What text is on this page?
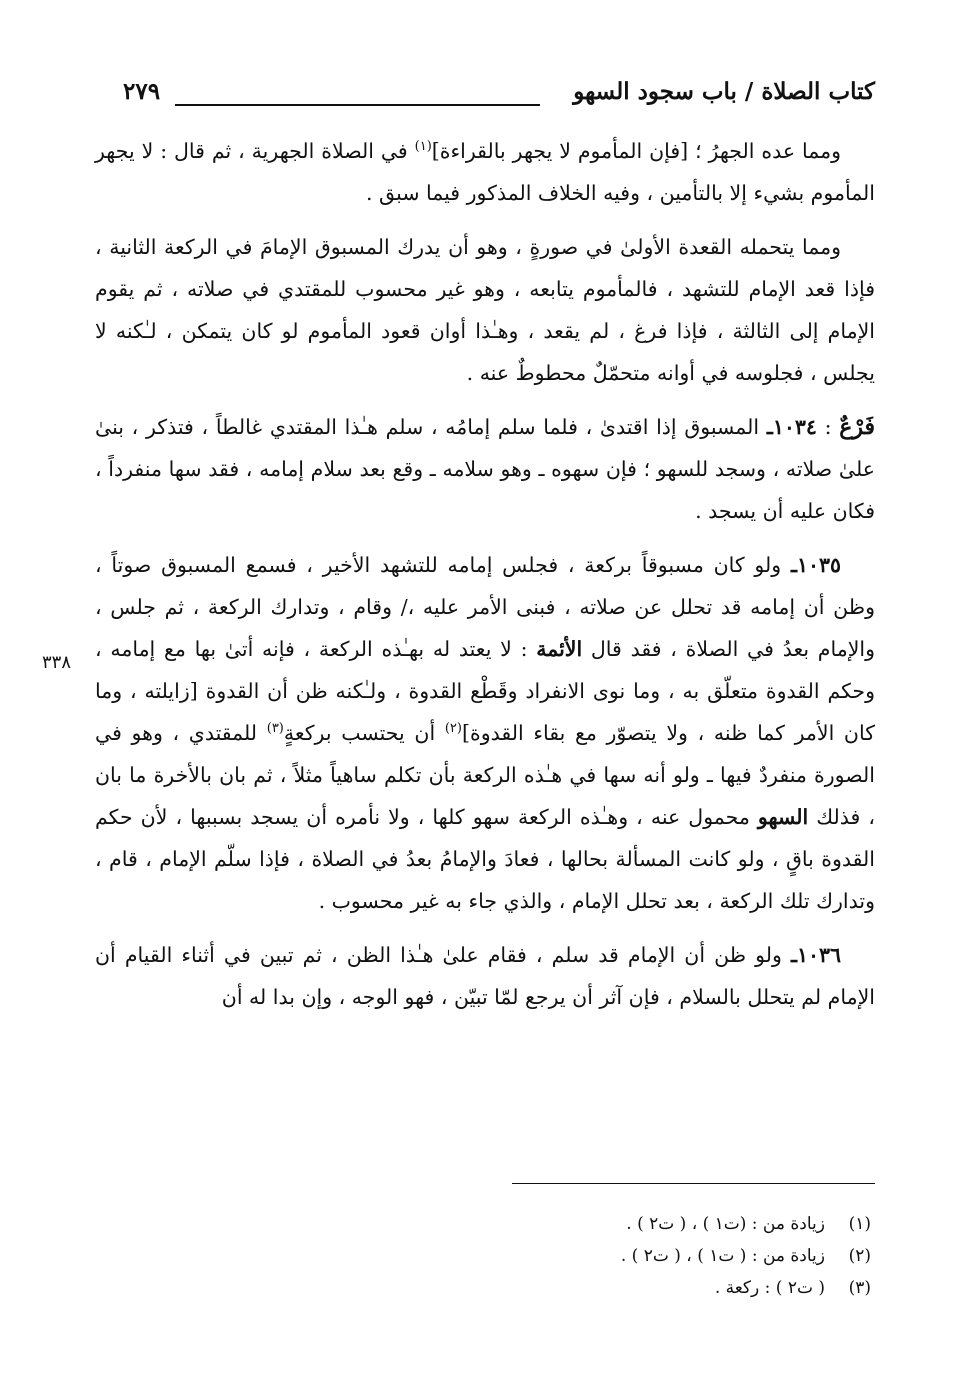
كتاب الصلاة / باب سجود السهو
٢٧٩

ومما عده الجهرُ ؛ [فإن المأموم لا يجهر بالقراءة]$^{(١)}$ في الصلاة الجهرية ، ثم قال : لا يجهر المأموم بشيء إلا بالتأمين ، وفيه الخلاف المذكور فيما سبق .

ومما يتحمله القعدة الأولىٰ في صورةٍ ، وهو أن يدرك المسبوق الإمامَ في الركعة الثانية ، فإذا قعد الإمام للتشهد ، فالمأموم يتابعه ، وهو غير محسوب للمقتدي في صلاته ، ثم يقوم الإمام إلى الثالثة ، فإذا فرغ ، لم يقعد ، وهـٰذا أوان قعود المأموم لو كان يتمكن ، لـٰكنه لا يجلس ، فجلوسه في أوانه متحمّلٌ محطوطٌ عنه .

فَرْعٌ : ١٠٣٤ـ المسبوق إذا اقتدىٰ ، فلما سلم إمامُه ، سلم هـٰذا المقتدي غالطاً ، فتذكر ، بنىٰ علىٰ صلاته ، وسجد للسهو ؛ فإن سهوه ـ وهو سلامه ـ وقع بعد سلام إمامه ، فقد سها منفرداً ، فكان عليه أن يسجد .

١٠٣٥ـ ولو كان مسبوقاً بركعة ، فجلس إمامه للتشهد الأخير ، فسمع المسبوق صوتاً ، وظن أن إمامه قد تحلل عن صلاته ، فبنى الأمر عليه ،/ وقام ، وتدارك الركعة ، ثم جلس ، والإمام بعدُ في الصلاة ، فقد قال الأئمة : لا يعتد له بهـٰذه الركعة ، فإنه أتىٰ بها مع إمامه ، وحكم القدوة متعلّق به ، وما نوى الانفراد وقَطْع القدوة ، ولـٰكنه ظن أن القدوة [زايلته ، وما كان الأمر كما ظنه ، ولا يتصوّر مع بقاء القدوة]$^{(٢)}$ أن يحتسب بركعةٍ$^{(٣)}$ للمقتدي ، وهو في الصورة منفردٌ فيها ـ ولو أنه سها في هـٰذه الركعة بأن تكلم ساهياً مثلاً ، ثم بان بالأخرة ما بان ، فذلك السهو محمول عنه ، وهـٰذه الركعة سهو كلها ، ولا نأمره أن يسجد بسببها ، لأن حكم القدوة باقٍ ، ولو كانت المسألة بحالها ، فعادَ والإمامُ بعدُ في الصلاة ، فإذا سلّم الإمام ، قام ، وتدارك تلك الركعة ، بعد تحلل الإمام ، والذي جاء به غير محسوب .

١٠٣٦ـ ولو ظن أن الإمام قد سلم ، فقام علىٰ هـٰذا الظن ، ثم تبين في أثناء القيام أن الإمام لم يتحلل بالسلام ، فإن آثر أن يرجع لمّا تبيّن ، فهو الوجه ، وإن بدا له أن

٣٣٨
(١)زيادة من : (ت١ ) ، ( ت٢ ) .
(٢)زيادة من : ( ت١ ) ، ( ت٢ ) .
(٣)( ت٢ ) : ركعة .
